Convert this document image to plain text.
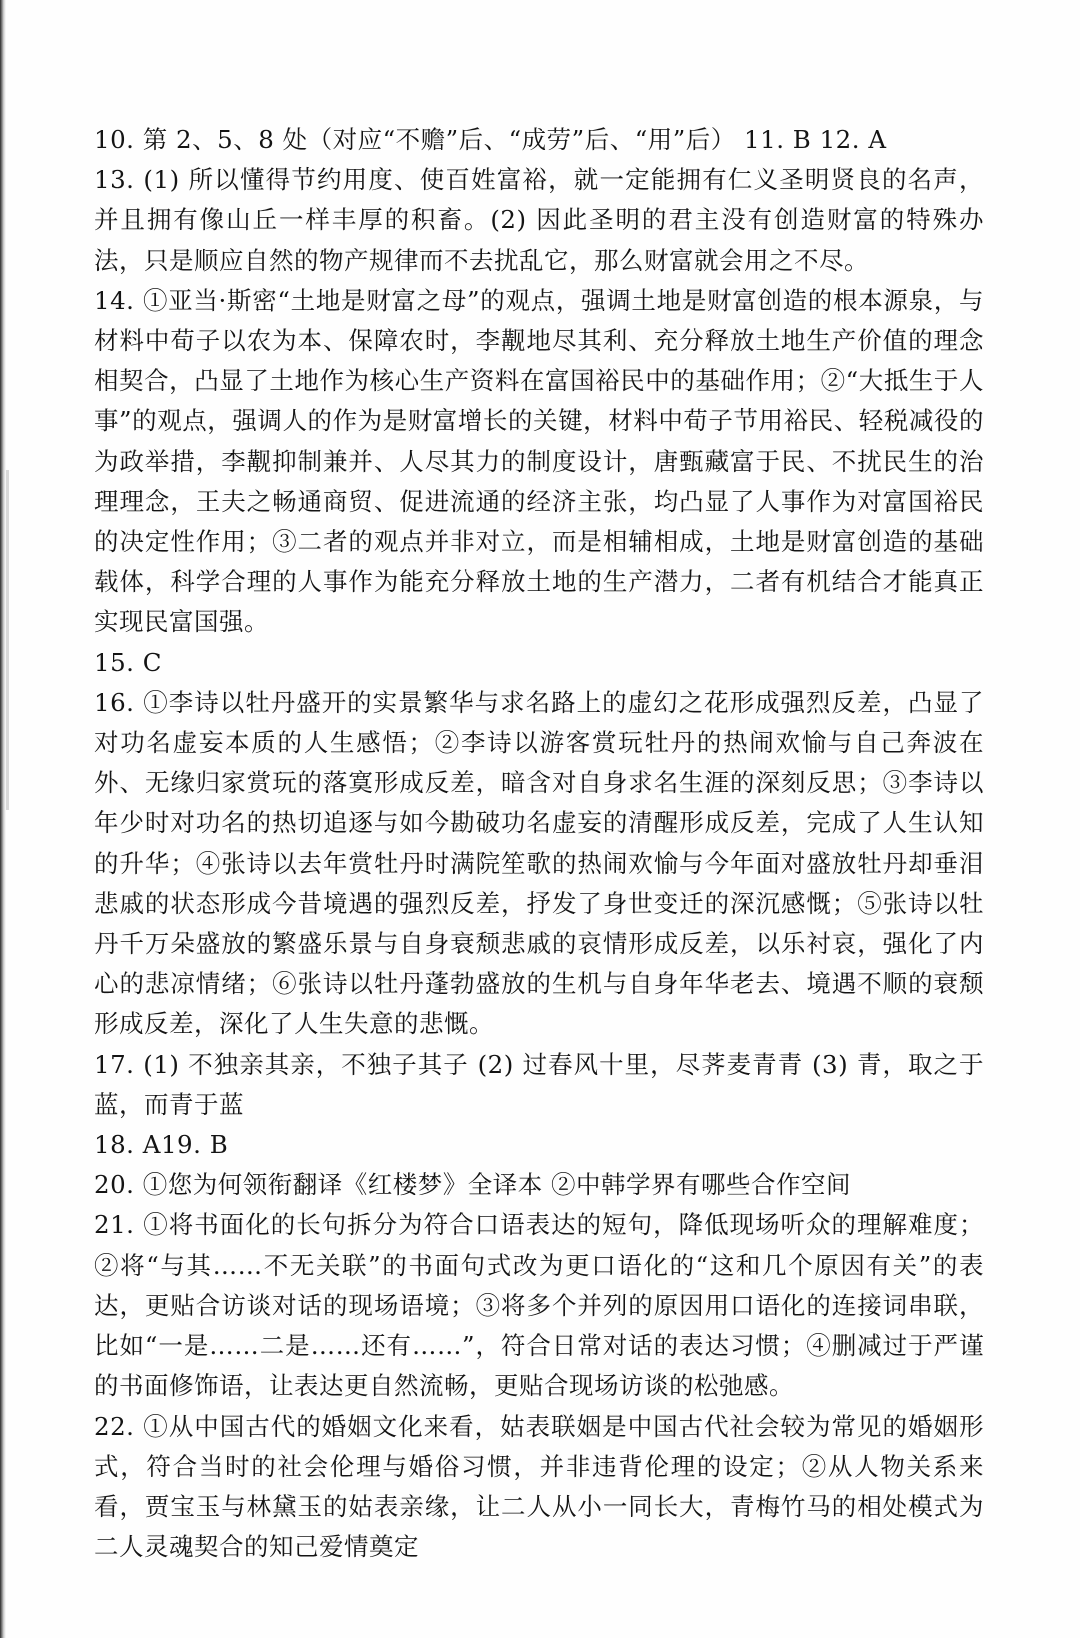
10. 第 2、5、8 处（对应“不赡”后、“成劳”后、“用”后） 11. B 12. A

13. (1) 所以懂得节约用度、使百姓富裕，就一定能拥有仁义圣明贤良的名声，并且拥有像山丘一样丰厚的积畜。(2) 因此圣明的君主没有创造财富的特殊办法，只是顺应自然的物产规律而不去扰乱它，那么财富就会用之不尽。

14. ①亚当·斯密“土地是财富之母”的观点，强调土地是财富创造的根本源泉，与材料中荀子以农为本、保障农时，李觏地尽其利、充分释放土地生产价值的理念相契合，凸显了土地作为核心生产资料在富国裕民中的基础作用；②“大抵生于人事”的观点，强调人的作为是财富增长的关键，材料中荀子节用裕民、轻税减役的为政举措，李觏抑制兼并、人尽其力的制度设计，唐甄藏富于民、不扰民生的治理理念，王夫之畅通商贸、促进流通的经济主张，均凸显了人事作为对富国裕民的决定性作用；③二者的观点并非对立，而是相辅相成，土地是财富创造的基础载体，科学合理的人事作为能充分释放土地的生产潜力，二者有机结合才能真正实现民富国强。

15. C

16. ①李诗以牡丹盛开的实景繁华与求名路上的虚幻之花形成强烈反差，凸显了对功名虚妄本质的人生感悟；②李诗以游客赏玩牡丹的热闹欢愉与自己奔波在外、无缘归家赏玩的落寞形成反差，暗含对自身求名生涯的深刻反思；③李诗以年少时对功名的热切追逐与如今勘破功名虚妄的清醒形成反差，完成了人生认知的升华；④张诗以去年赏牡丹时满院笙歌的热闹欢愉与今年面对盛放牡丹却垂泪悲戚的状态形成今昔境遇的强烈反差，抒发了身世变迁的深沉感慨；⑤张诗以牡丹千万朵盛放的繁盛乐景与自身衰颓悲戚的哀情形成反差，以乐衬哀，强化了内心的悲凉情绪；⑥张诗以牡丹蓬勃盛放的生机与自身年华老去、境遇不顺的衰颓形成反差，深化了人生失意的悲慨。

17. (1) 不独亲其亲，不独子其子 (2) 过春风十里，尽荠麦青青 (3) 青，取之于蓝，而青于蓝

18. A19. B

20. ①您为何领衔翻译《红楼梦》全译本 ②中韩学界有哪些合作空间

21. ①将书面化的长句拆分为符合口语表达的短句，降低现场听众的理解难度；②将“与其……不无关联”的书面句式改为更口语化的“这和几个原因有关”的表达，更贴合访谈对话的现场语境；③将多个并列的原因用口语化的连接词串联，比如“一是……二是……还有……”，符合日常对话的表达习惯；④删减过于严谨的书面修饰语，让表达更自然流畅，更贴合现场访谈的松弛感。

22. ①从中国古代的婚姻文化来看，姑表联姻是中国古代社会较为常见的婚姻形式，符合当时的社会伦理与婚俗习惯，并非违背伦理的设定；②从人物关系来看，贾宝玉与林黛玉的姑表亲缘，让二人从小一同长大，青梅竹马的相处模式为二人灵魂契合的知己爱情奠定
